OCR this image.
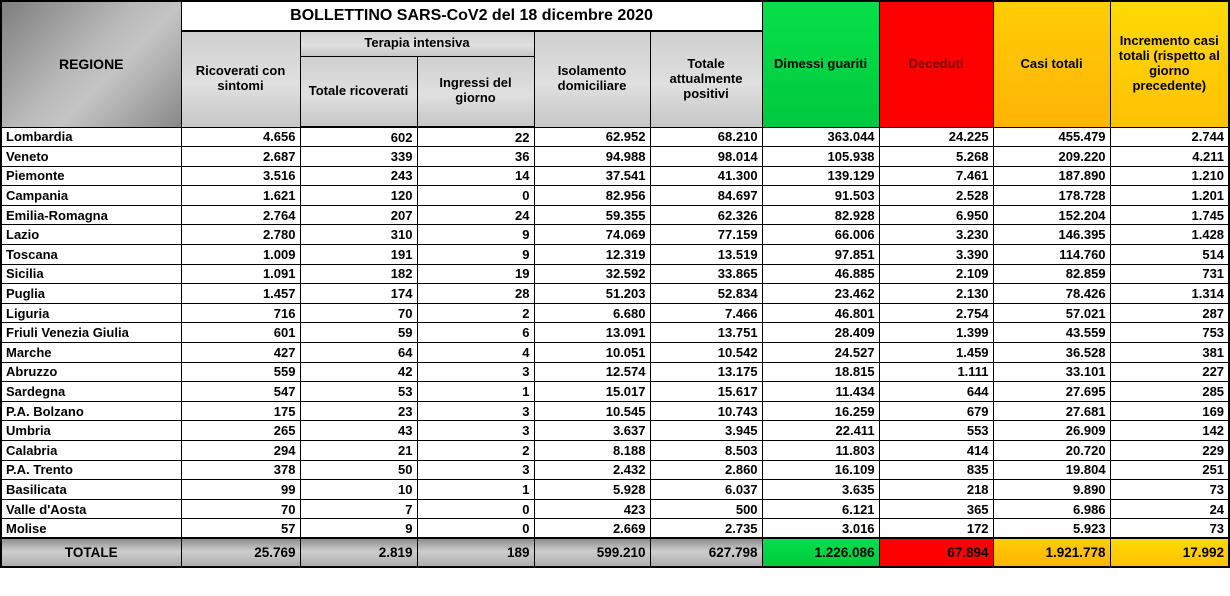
REGIONE	BOLLETTINO SARS-CoV2 del 18 dicembre 2020					Dimessi guariti	Deceduti	Casi totali	Incremento casi totali (rispetto al giorno precedente)
	Ricoverati con sintomi	Terapia intensiva		Isolamento domiciliare	Totale attualmente positivi				
		Totale ricoverati	Ingressi del giorno						
Lombardia	4.656	602	22	62.952	68.210	363.044	24.225	455.479	2.744
Veneto	2.687	339	36	94.988	98.014	105.938	5.268	209.220	4.211
Piemonte	3.516	243	14	37.541	41.300	139.129	7.461	187.890	1.210
Campania	1.621	120	0	82.956	84.697	91.503	2.528	178.728	1.201
Emilia-Romagna	2.764	207	24	59.355	62.326	82.928	6.950	152.204	1.745
Lazio	2.780	310	9	74.069	77.159	66.006	3.230	146.395	1.428
Toscana	1.009	191	9	12.319	13.519	97.851	3.390	114.760	514
Sicilia	1.091	182	19	32.592	33.865	46.885	2.109	82.859	731
Puglia	1.457	174	28	51.203	52.834	23.462	2.130	78.426	1.314
Liguria	716	70	2	6.680	7.466	46.801	2.754	57.021	287
Friuli Venezia Giulia	601	59	6	13.091	13.751	28.409	1.399	43.559	753
Marche	427	64	4	10.051	10.542	24.527	1.459	36.528	381
Abruzzo	559	42	3	12.574	13.175	18.815	1.111	33.101	227
Sardegna	547	53	1	15.017	15.617	11.434	644	27.695	285
P.A. Bolzano	175	23	3	10.545	10.743	16.259	679	27.681	169
Umbria	265	43	3	3.637	3.945	22.411	553	26.909	142
Calabria	294	21	2	8.188	8.503	11.803	414	20.720	229
P.A. Trento	378	50	3	2.432	2.860	16.109	835	19.804	251
Basilicata	99	10	1	5.928	6.037	3.635	218	9.890	73
Valle d'Aosta	70	7	0	423	500	6.121	365	6.986	24
Molise	57	9	0	2.669	2.735	3.016	172	5.923	73
TOTALE	25.769	2.819	189	599.210	627.798	1.226.086	67.894	1.921.778	17.992
